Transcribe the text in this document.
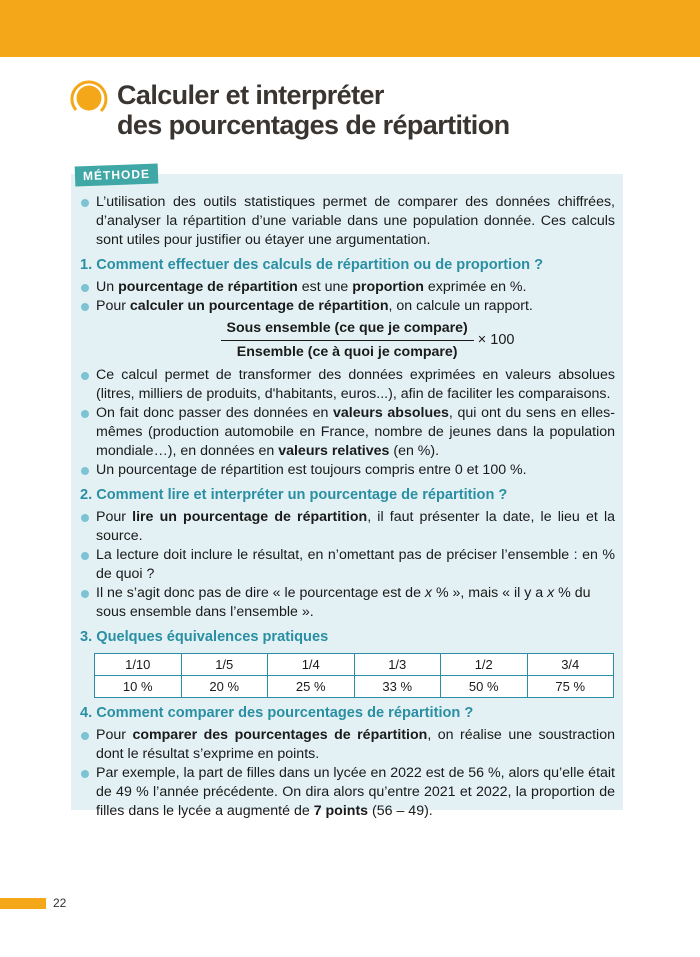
Calculer et interpréter
des pourcentages de répartition
MÉTHODE

L’utilisation des outils statistiques permet de comparer des données chiffrées, d’analyser la répartition d’une variable dans une population donnée. Ces calculs sont utiles pour justifier ou étayer une argumentation.

1. Comment effectuer des calculs de répartition ou de proportion ?

Un pourcentage de répartition est une proportion exprimée en %.

Pour calculer un pourcentage de répartition, on calcule un rapport.

$\frac{\text{Sous ensemble (ce que je compare)}}{\text{Ensemble (ce à quoi je compare)}} \times 100$

Ce calcul permet de transformer des données exprimées en valeurs absolues (litres, milliers de produits, d'habitants, euros...), afin de faciliter les comparaisons.

On fait donc passer des données en valeurs absolues, qui ont du sens en elles-mêmes (production automobile en France, nombre de jeunes dans la population mondiale…), en données en valeurs relatives (en %).

Un pourcentage de répartition est toujours compris entre 0 et 100 %.

2. Comment lire et interpréter un pourcentage de répartition ?

Pour lire un pourcentage de répartition, il faut présenter la date, le lieu et la source.

La lecture doit inclure le résultat, en n’omettant pas de préciser l’ensemble : en % de quoi ?

Il ne s’agit donc pas de dire « le pourcentage est de x % », mais « il y a x % du sous ensemble dans l’ensemble ».

3. Quelques équivalences pratiques

1/10	1/5	1/4	1/3	1/2	3/4
10 %	20 %	25 %	33 %	50 %	75 %

4. Comment comparer des pourcentages de répartition ?

Pour comparer des pourcentages de répartition, on réalise une soustraction dont le résultat s’exprime en points.

Par exemple, la part de filles dans un lycée en 2022 est de 56 %, alors qu’elle était de 49 % l’année précédente. On dira alors qu’entre 2021 et 2022, la proportion de filles dans le lycée a augmenté de 7 points (56 – 49).

22
